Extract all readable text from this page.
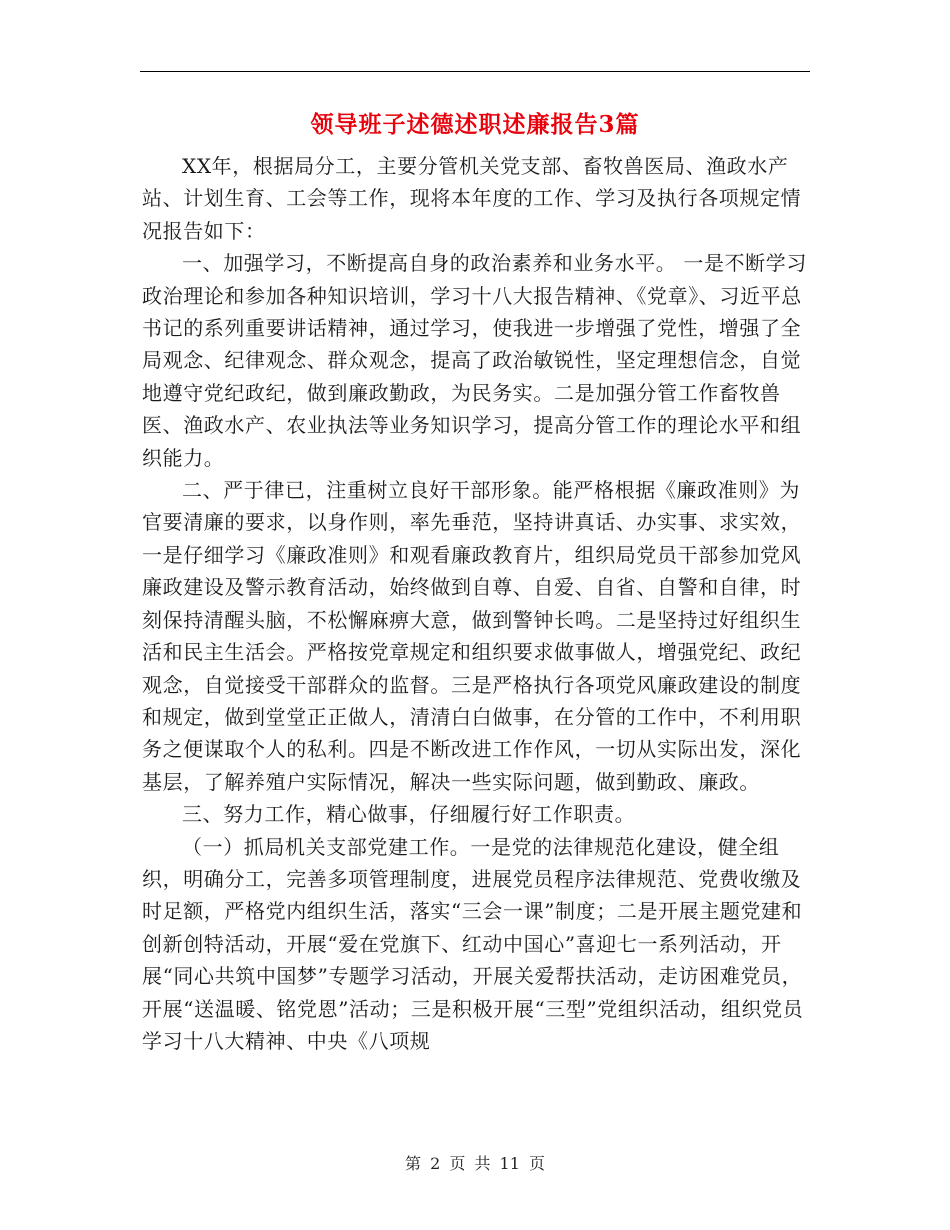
领导班子述德述职述廉报告3篇

XX年，根据局分工，主要分管机关党支部、畜牧兽医局、渔政水产站、计划生育、工会等工作，现将本年度的工作、学习及执行各项规定情况报告如下：

一、加强学习，不断提高自身的政治素养和业务水平。 一是不断学习政治理论和参加各种知识培训，学习十八大报告精神、《党章》、习近平总书记的系列重要讲话精神，通过学习，使我进一步增强了党性，增强了全局观念、纪律观念、群众观念，提高了政治敏锐性，坚定理想信念，自觉地遵守党纪政纪，做到廉政勤政，为民务实。二是加强分管工作畜牧兽医、渔政水产、农业执法等业务知识学习，提高分管工作的理论水平和组织能力。

二、严于律已，注重树立良好干部形象。能严格根据《廉政准则》为官要清廉的要求，以身作则，率先垂范，坚持讲真话、办实事、求实效，一是仔细学习《廉政准则》和观看廉政教育片，组织局党员干部参加党风廉政建设及警示教育活动，始终做到自尊、自爱、自省、自警和自律，时刻保持清醒头脑，不松懈麻痹大意，做到警钟长鸣。二是坚持过好组织生活和民主生活会。严格按党章规定和组织要求做事做人，增强党纪、政纪观念，自觉接受干部群众的监督。三是严格执行各项党风廉政建设的制度和规定，做到堂堂正正做人，清清白白做事，在分管的工作中，不利用职务之便谋取个人的私利。四是不断改进工作作风，一切从实际出发，深化基层，了解养殖户实际情况，解决一些实际问题，做到勤政、廉政。

三、努力工作，精心做事，仔细履行好工作职责。

（一）抓局机关支部党建工作。一是党的法律规范化建设，健全组织，明确分工，完善多项管理制度，进展党员程序法律规范、党费收缴及时足额，严格党内组织生活，落实“三会一课”制度；二是开展主题党建和创新创特活动，开展“爱在党旗下、红动中国心”喜迎七一系列活动，开展“同心共筑中国梦”专题学习活动，开展关爱帮扶活动，走访困难党员，开展“送温暖、铭党恩”活动；三是积极开展“三型”党组织活动，组织党员学习十八大精神、中央《八项规

第 2 页 共 11 页
